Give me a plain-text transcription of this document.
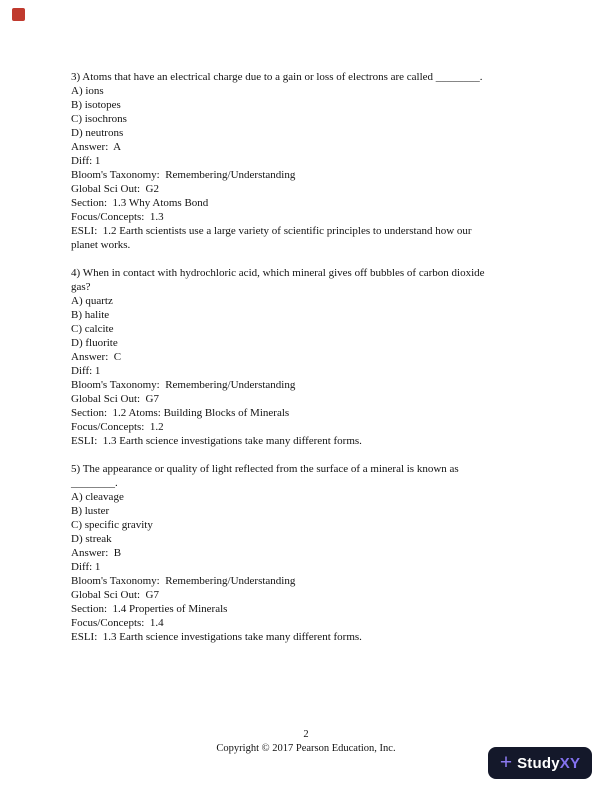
3) Atoms that have an electrical charge due to a gain or loss of electrons are called ________.
A) ions
B) isotopes
C) isochrons
D) neutrons
Answer:  A
Diff: 1
Bloom's Taxonomy:  Remembering/Understanding
Global Sci Out:  G2
Section:  1.3 Why Atoms Bond
Focus/Concepts:  1.3
ESLI:  1.2 Earth scientists use a large variety of scientific principles to understand how our
planet works.
4) When in contact with hydrochloric acid, which mineral gives off bubbles of carbon dioxide
gas?
A) quartz
B) halite
C) calcite
D) fluorite
Answer:  C
Diff: 1
Bloom's Taxonomy:  Remembering/Understanding
Global Sci Out:  G7
Section:  1.2 Atoms: Building Blocks of Minerals
Focus/Concepts:  1.2
ESLI:  1.3 Earth science investigations take many different forms.
5) The appearance or quality of light reflected from the surface of a mineral is known as
________.
A) cleavage
B) luster
C) specific gravity
D) streak
Answer:  B
Diff: 1
Bloom's Taxonomy:  Remembering/Understanding
Global Sci Out:  G7
Section:  1.4 Properties of Minerals
Focus/Concepts:  1.4
ESLI:  1.3 Earth science investigations take many different forms.
2
Copyright © 2017 Pearson Education, Inc.
+ StudyXY
